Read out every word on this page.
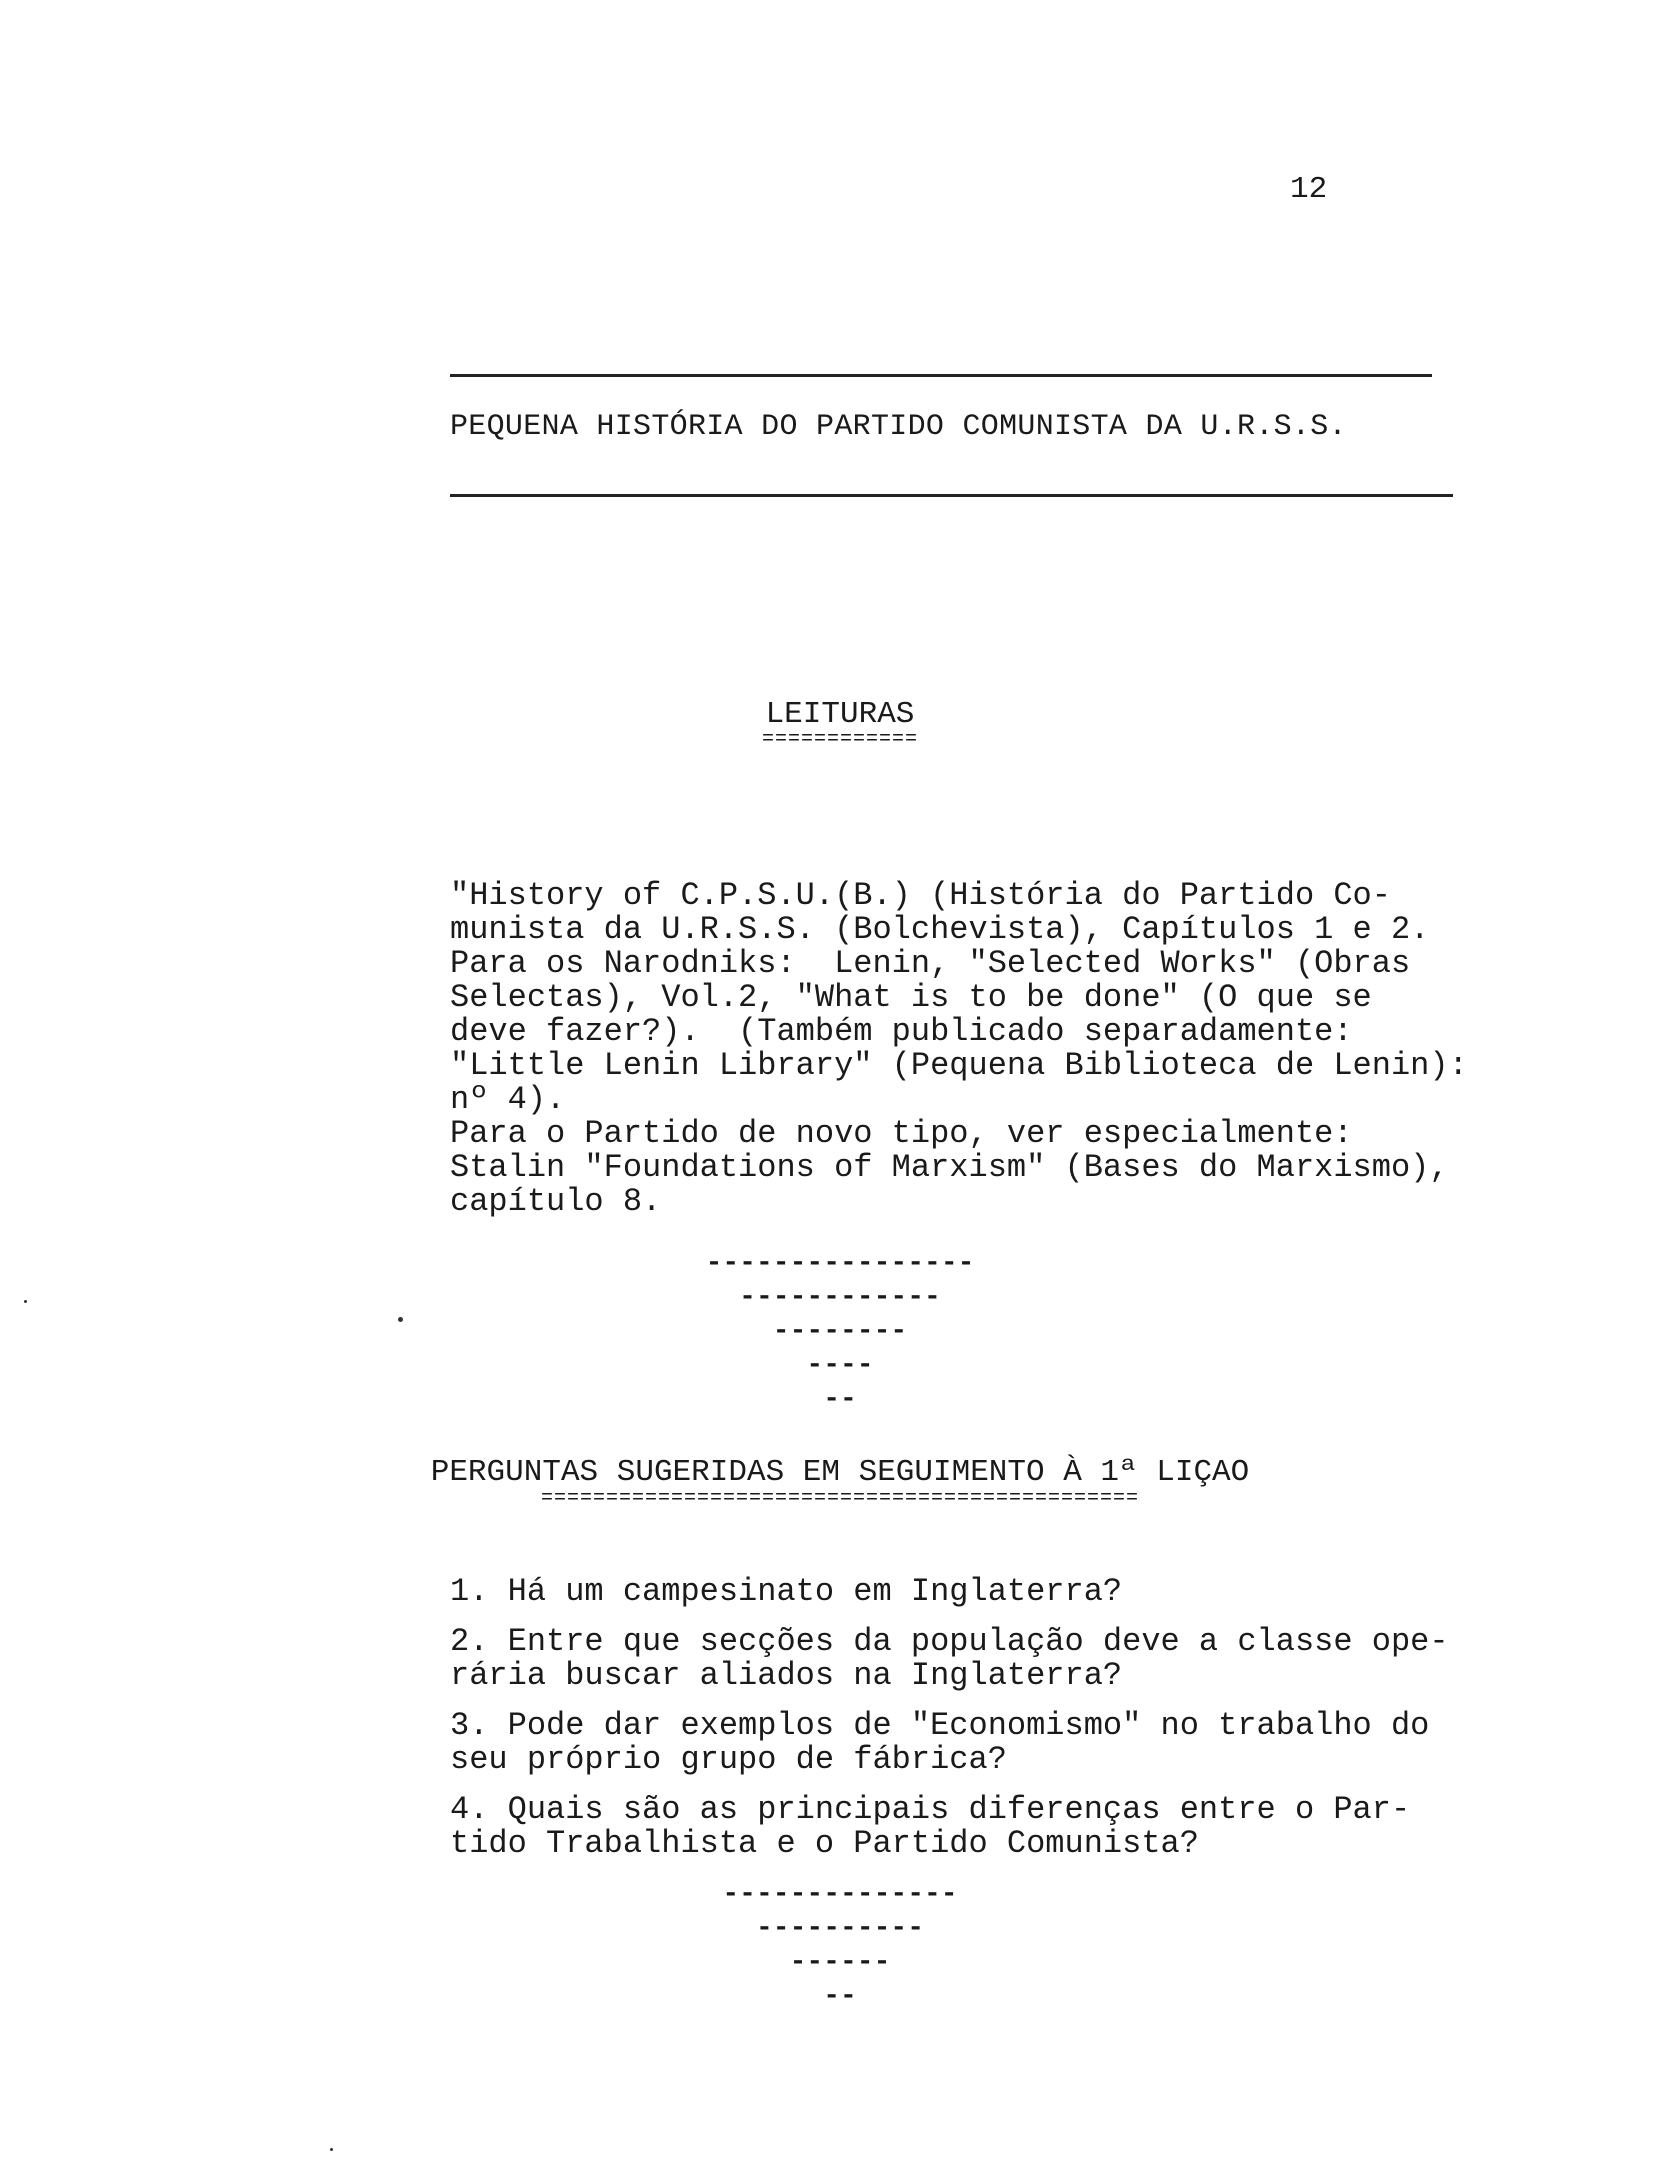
12
PEQUENA HISTÓRIA DO PARTIDO COMUNISTA DA U.R.S.S.
LEITURAS
============
"History of C.P.S.U.(B.) (História do Partido Co-
munista da U.R.S.S. (Bolchevista), Capítulos 1 e 2.
Para os Narodniks:  Lenin, "Selected Works" (Obras
Selectas), Vol.2, "What is to be done" (O que se
deve fazer?).  (Também publicado separadamente:
"Little Lenin Library" (Pequena Biblioteca de Lenin):
nº 4).
Para o Partido de novo tipo, ver especialmente:
Stalin "Foundations of Marxism" (Bases do Marxismo),
capítulo 8.
----------------
------------
--------
----
--
PERGUNTAS SUGERIDAS EM SEGUIMENTO À 1ª LIÇAO
==============================================
1. Há um campesinato em Inglaterra?
2. Entre que secções da população deve a classe ope-
rária buscar aliados na Inglaterra?
3. Pode dar exemplos de "Economismo" no trabalho do
seu próprio grupo de fábrica?
4. Quais são as principais diferenças entre o Par-
tido Trabalhista e o Partido Comunista?
--------------
----------
------
--
